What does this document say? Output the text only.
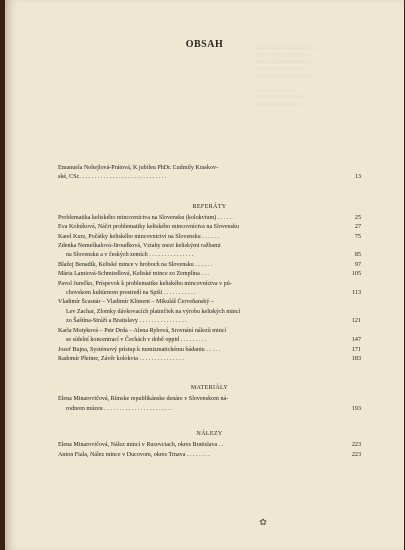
░░░░░░░░░░░░░░░░░░░░
░░░░░░░░░░░░░░░░░░
░░░░░░░░░░░░░░░░░░░
░░░░░░░░░░░░░░░░
░░░░░░░░░░░░░░░░░░░

░░░░░░░░░░░░░
░░░░░░░░░░░░░░░░░
░░░░░░░░░░░░░░░
OBSAH
Emanuela Nohejlová-Prátová, K jubileu PhDr. Ľudmily Kraskov-
ské, CSc. . . . . . . . . . . . . . . . . . . . . . . . . . . . .	13
REFERÁTY
Problematika keltského mincovníctva na Slovensku (kolokvium) . . . . .	25
Eva Kolníková, Náčrt problematiky keltského mincovníctva na Slovensku	27
Karel Kurz, Počátky keltského mincovnictví na Slovensku . . . . . .	75
Zdenka Nemeškalová-Jiroudková, Vztahy mezi keltskými ražbami
na Slovensku a v českých zemích . . . . . . . . . . . . . . .	85
Blažej Benadik, Keltské mince v hroboch na Slovensku . . . . . .	97
Mária Lamiová-Schmiedlová, Keltské mince zo Zemplína . . .	105
Pavol Jurečko, Príspevok k problematike keltského mincovníctva v pú-
chovskom kultúrnom prostredí na Spiši . . . . . . . . . . .	113
Vladimír Šcasnár – Vladimír Kliment – Mikuláš Červeňanský –
Lev Zachar, Zlomky dávkovacích platničiek na výrobu keltských mincí
zo Šaštína-Stráží a Bratislavy . . . . . . . . . . . . . . . .	121
Karla Motyková – Petr Drda – Alena Rybová, Srovnání nálezů mincí
se sídelní koncentrací v Čechách v době oppid . . . . . . . . .	147
Jozef Bujna, Systémový prístup k numizmatickému bádaniu . . . . .	171
Radomír Pleiner, Závěr kolokvia . . . . . . . . . . . . . . .	183
MATERIÁLY
Elena Minarovičová, Rímske republikánske denáre v Slovenskom ná-
rodnom múzeu . . . . . . . . . . . . . . . . . . . . . . .	193
NÁLEZY
Elena Minarovičová, Nález mincí v Rusovciach, okres Bratislava . .	223
Anton Fiala, Nález mince v Ducovom, okres Trnava . . . . . . . .	223
✿
